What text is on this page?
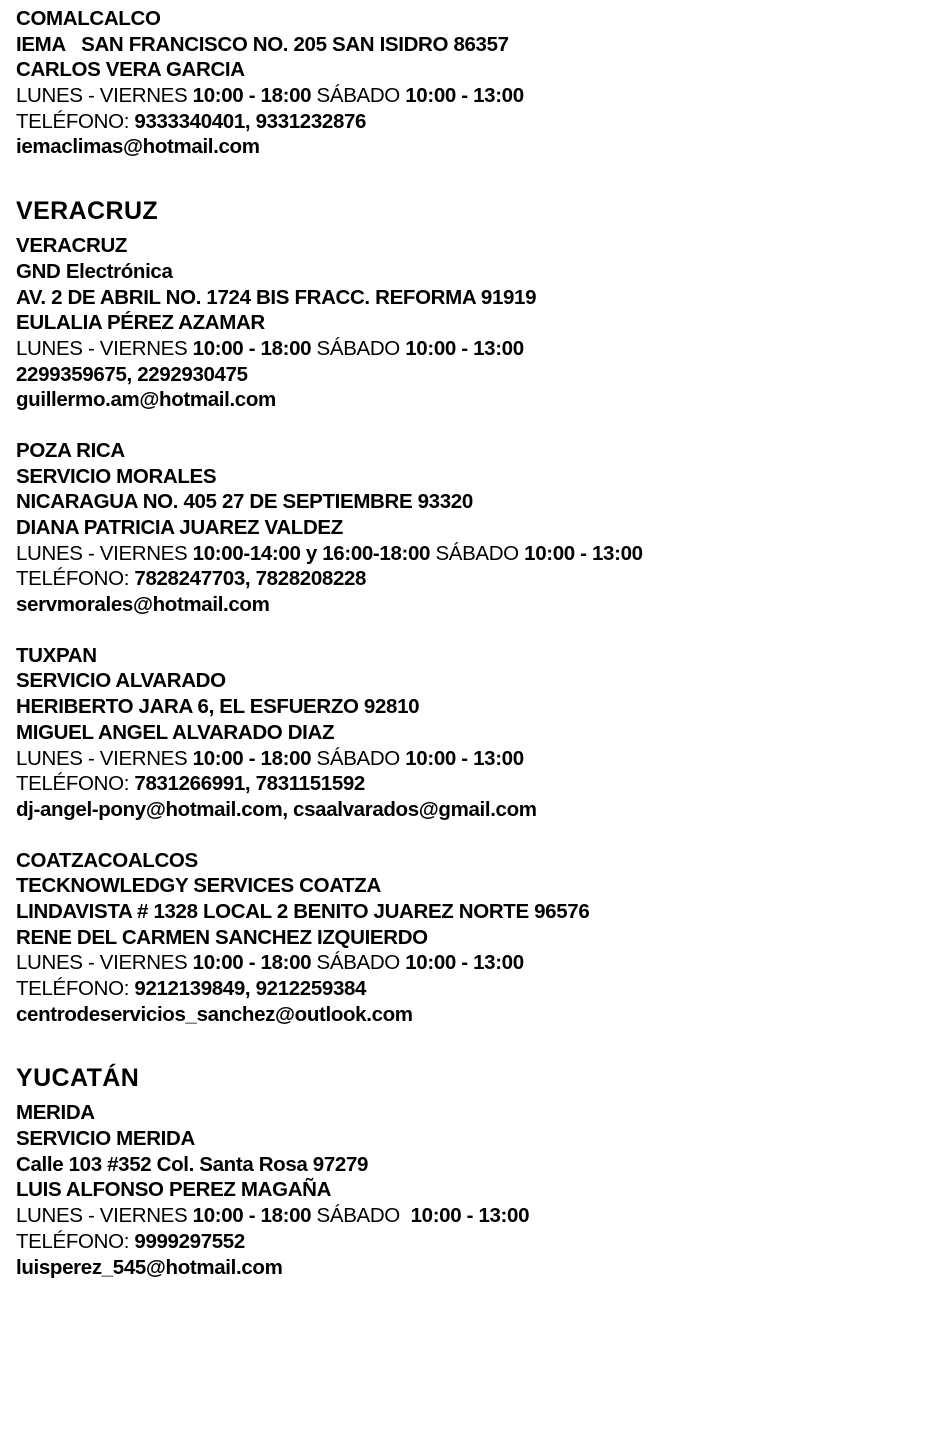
COMALCALCO
IEMA   SAN FRANCISCO NO. 205 SAN ISIDRO 86357
CARLOS VERA GARCIA
LUNES - VIERNES 10:00 - 18:00 SÁBADO 10:00 - 13:00
TELÉFONO: 9333340401, 9331232876
iemaclimas@hotmail.com
VERACRUZ
VERACRUZ
GND Electrónica
AV. 2 DE ABRIL NO. 1724 BIS FRACC. REFORMA 91919
EULALIA PÉREZ AZAMAR
LUNES - VIERNES 10:00 - 18:00 SÁBADO 10:00 - 13:00
2299359675, 2292930475
guillermo.am@hotmail.com
POZA RICA
SERVICIO MORALES
NICARAGUA NO. 405 27 DE SEPTIEMBRE 93320
DIANA PATRICIA JUAREZ VALDEZ
LUNES - VIERNES 10:00-14:00 y 16:00-18:00 SÁBADO 10:00 - 13:00
TELÉFONO: 7828247703, 7828208228
servmorales@hotmail.com
TUXPAN
SERVICIO ALVARADO
HERIBERTO JARA 6, EL ESFUERZO 92810
MIGUEL ANGEL ALVARADO DIAZ
LUNES - VIERNES 10:00 - 18:00 SÁBADO 10:00 - 13:00
TELÉFONO: 7831266991, 7831151592
dj-angel-pony@hotmail.com, csaalvarados@gmail.com
COATZACOALCOS
TECKNOWLEDGY SERVICES COATZA
LINDAVISTA # 1328 LOCAL 2 BENITO JUAREZ NORTE 96576
RENE DEL CARMEN SANCHEZ IZQUIERDO
LUNES - VIERNES 10:00 - 18:00 SÁBADO 10:00 - 13:00
TELÉFONO: 9212139849, 9212259384
centrodeservicios_sanchez@outlook.com
YUCATÁN
MERIDA
SERVICIO MERIDA
Calle 103 #352 Col. Santa Rosa 97279
LUIS ALFONSO PEREZ MAGAÑA
LUNES - VIERNES 10:00 - 18:00 SÁBADO  10:00 - 13:00
TELÉFONO: 9999297552
luisperez_545@hotmail.com
